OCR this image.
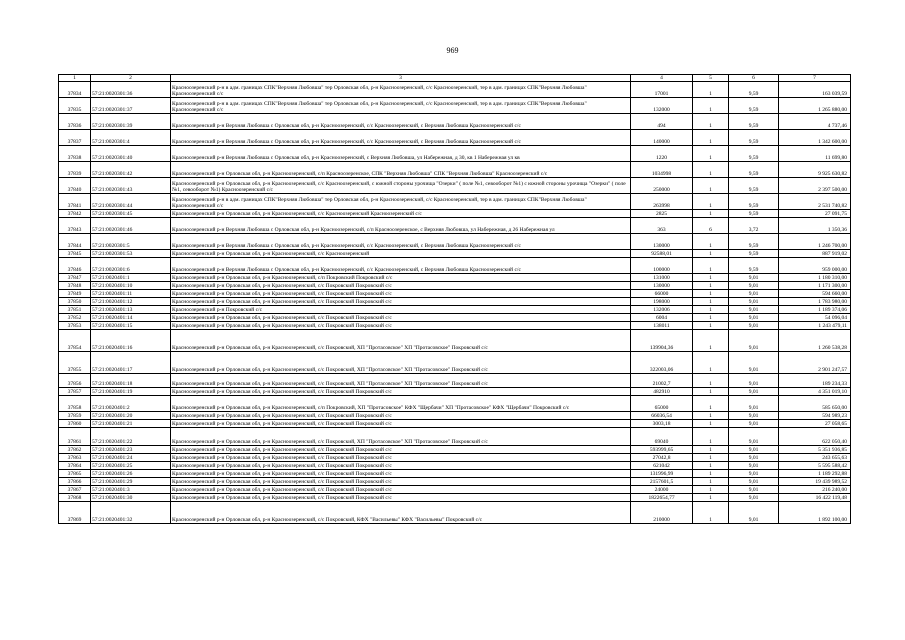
969
1	2	3	4	5	6	7
37834	57:21:0020301:36	Красноозеренский р-н в адм. границах СПК"Верхняя Любовша" тер Орловская обл, р-н Красноозеренский, с/с Красноозеренский, тер в адм. границах СПК"Верхняя Любовша" Красноозеренский с/с	17001	1	9,59	163 039,59
37835	57:21:0020301:37	Красноозеренский р-н в адм. границах СПК"Верхняя Любовша" тер Орловская обл, р-н Красноозеренский, с/с Красноозеренский, тер в адм. границах СПК"Верхняя Любовша" Красноозеренский с/с	132000	1	9,59	1 265 880,00
37836	57:21:0020301:39	Красноозеренский р-н Верхняя Любовша с Орловская обл, р-н Красноозеренский, с/с Красноозеренский, с Верхняя Любовша Красноозеренский с/с	494	1	9,59	4 737,46
37837	57:21:0020301:4	Красноозеренский р-н Верхняя Любовша с Орловская обл, р-н Красноозеренский, с/с Красноозеренский, с Верхняя Любовша Красноозеренский с/с	140000	1	9,59	1 342 600,00
37838	57:21:0020301:40	Красноозеренский р-н Верхняя Любовша с Орловская обл, р-н Красноозеренский, с Верхняя Любовша, ул Набережная, д 30, кв 1 Набережная ул кв	1220	1	9,59	11 699,80
37839	57:21:0020301:42	Красноозеренский р-н Орловская обл, р-н Красноозеренский, с/п Красноозеренское, СПК "Верхняя Любовша" СПК "Верхняя Любовша" Красноозеренский с/с	1034998	1	9,59	9 925 630,82
37840	57:21:0020301:43	Красноозеренский р-н Орловская обл, р-н Красноозеренский, с/с Красноозеренский, с южной стороны урочища "Озерки" ( поле №1, севооборот №1) с южной стороны урочища "Озерки" ( поле №1, севооборот №1) Красноозеренский с/с	250000	1	9,59	2 397 500,00
37841	57:21:0020301:44	Красноозеренский р-н в адм. границах СПК"Верхняя Любовша" тер Орловская обл, р-н Красноозеренский, с/с Красноозеренский, тер в адм. границах СПК"Верхняя Любовша" Красноозеренский с/с	263998	1	9,59	2 531 740,82
37842	57:21:0020301:45	Красноозеренский р-н Орловская обл, р-н Красноозеренский, с/с Красноозеренский Красноозеренский с/с	2825	1	9,59	27 091,75
37843	57:21:0020301:46	Красноозеренский р-н Верхняя Любовша с Орловская обл, р-н Красноозеренский, с/п Красноозеренское, с Верхняя Любовша, ул Набережная, д 26 Набережная ул	363	6	3,72	1 350,36
37844	57:21:0020301:5	Красноозеренский р-н Верхняя Любовша с Орловская обл, р-н Красноозеренский, с/с Красноозеренский, с Верхняя Любовша Красноозеренский с/с	130000	1	9,59	1 246 700,00
37845	57:21:0020301:53	Красноозеренский р-н Орловская обл, р-н Красноозеренский, с/с Красноозеренский	92588,01	1	9,59	887 919,02
37846	57:21:0020301:6	Красноозеренский р-н Верхняя Любовша с Орловская обл, р-н Красноозеренский, с/с Красноозеренский, с Верхняя Любовша Красноозеренский с/с	100000	1	9,59	959 000,00
37847	57:21:0020401:1	Красноозеренский р-н Орловская обл, р-н Красноозеренский, с/п Покровский Покровский с/с	131000	1	9,01	1 180 310,00
37848	57:21:0020401:10	Красноозеренский р-н Орловская обл, р-н Красноозеренский, с/с Покровский Покровский с/с	130000	1	9,01	1 171 300,00
37849	57:21:0020401:11	Красноозеренский р-н Орловская обл, р-н Красноозеренский, с/с Покровский Покровский с/с	66000	1	9,01	594 660,00
37850	57:21:0020401:12	Красноозеренский р-н Орловская обл, р-н Красноозеренский, с/с Покровский Покровский с/с	198000	1	9,01	1 783 980,00
37851	57:21:0020401:13	Красноозеренский р-н Покровский с/с	132006	1	9,01	1 189 374,06
37852	57:21:0020401:14	Красноозеренский р-н Орловская обл, р-н Красноозеренский, с/с Покровский Покровский с/с	6004	1	9,01	54 096,04
37853	57:21:0020401:15	Красноозеренский р-н Орловская обл, р-н Красноозеренский, с/с Покровский Покровский с/с	138011	1	9,01	1 243 479,11
37854	57:21:0020401:16	Красноозеренский р-н Орловская обл, р-н Красноозеренский, с/с Покровский, ХП "Протасовское" ХП "Протасовское" Покровский с/с	139904,36	1	9,01	1 260 538,28
37855	57:21:0020401:17	Красноозеренский р-н Орловская обл, р-н Красноозеренский, с/с Покровский, ХП "Протасовское" ХП "Протасовское" Покровский с/с	322003,06	1	9,01	2 901 247,57
37856	57:21:0020401:18	Красноозеренский р-н Орловская обл, р-н Красноозеренский, с/с Покровский, ХП "Протасовское" ХП "Протасовское" Покровский с/с	21002,7	1	9,01	189 234,33
37857	57:21:0020401:19	Красноозеренский р-н Орловская обл, р-н Красноозеренский, с/с Покровский Покровский с/с	482910	1	9,01	4 351 019,10
37858	57:21:0020401:2	Красноозеренский р-н Орловская обл, р-н Красноозеренский, с/п Покровский, ХП "Протасовское" КФХ "Щербачи" ХП "Протасовское" КФХ "Щербачи" Покровский с/с	65000	1	9,01	585 650,00
37859	57:21:0020401:20	Красноозеренский р-н Орловская обл, р-н Красноозеренский, с/с Покровский Покровский с/с	66036,54	1	9,01	594 989,23
37860	57:21:0020401:21	Красноозеренский р-н Орловская обл, р-н Красноозеренский, с/с Покровский Покровский с/с	3003,18	1	9,01	27 058,65
37861	57:21:0020401:22	Красноозеренский р-н Орловская обл, р-н Красноозеренский, с/с Покровский, ХП "Протасовское" ХП "Протасовское" Покровский с/с	69040	1	9,01	622 050,40
37862	57:21:0020401:23	Красноозеренский р-н Орловская обл, р-н Красноозеренский, с/с Покровский Покровский с/с	593999,65	1	9,01	5 351 936,85
37863	57:21:0020401:24	Красноозеренский р-н Орловская обл, р-н Красноозеренский, с/с Покровский Покровский с/с	27042,8	1	9,01	243 655,63
37864	57:21:0020401:25	Красноозеренский р-н Орловская обл, р-н Красноозеренский, с/с Покровский Покровский с/с	621042	1	9,01	5 595 588,42
37865	57:21:0020401:26	Красноозеренский р-н Орловская обл, р-н Красноозеренский, с/с Покровский Покровский с/с	131996,99	1	9,01	1 189 292,88
37866	57:21:0020401:29	Красноозеренский р-н Орловская обл, р-н Красноозеренский, с/с Покровский Покровский с/с	2157601,5	1	9,01	19 439 989,52
37867	57:21:0020401:3	Красноозеренский р-н Орловская обл, р-н Красноозеренский, с/с Покровский Покровский с/с	24000	1	9,01	216 240,00
37868	57:21:0020401:30	Красноозеренский р-н Орловская обл, р-н Красноозеренский, с/с Покровский Покровский с/с	1822654,77	1	9,01	16 422 119,48
37869	57:21:0020401:32	Красноозеренский р-н Орловская обл, р-н Красноозеренский, с/с Покровский, КФХ "Васильевы" КФХ "Васильевы" Покровский с/с	210000	1	9,01	1 892 100,00
